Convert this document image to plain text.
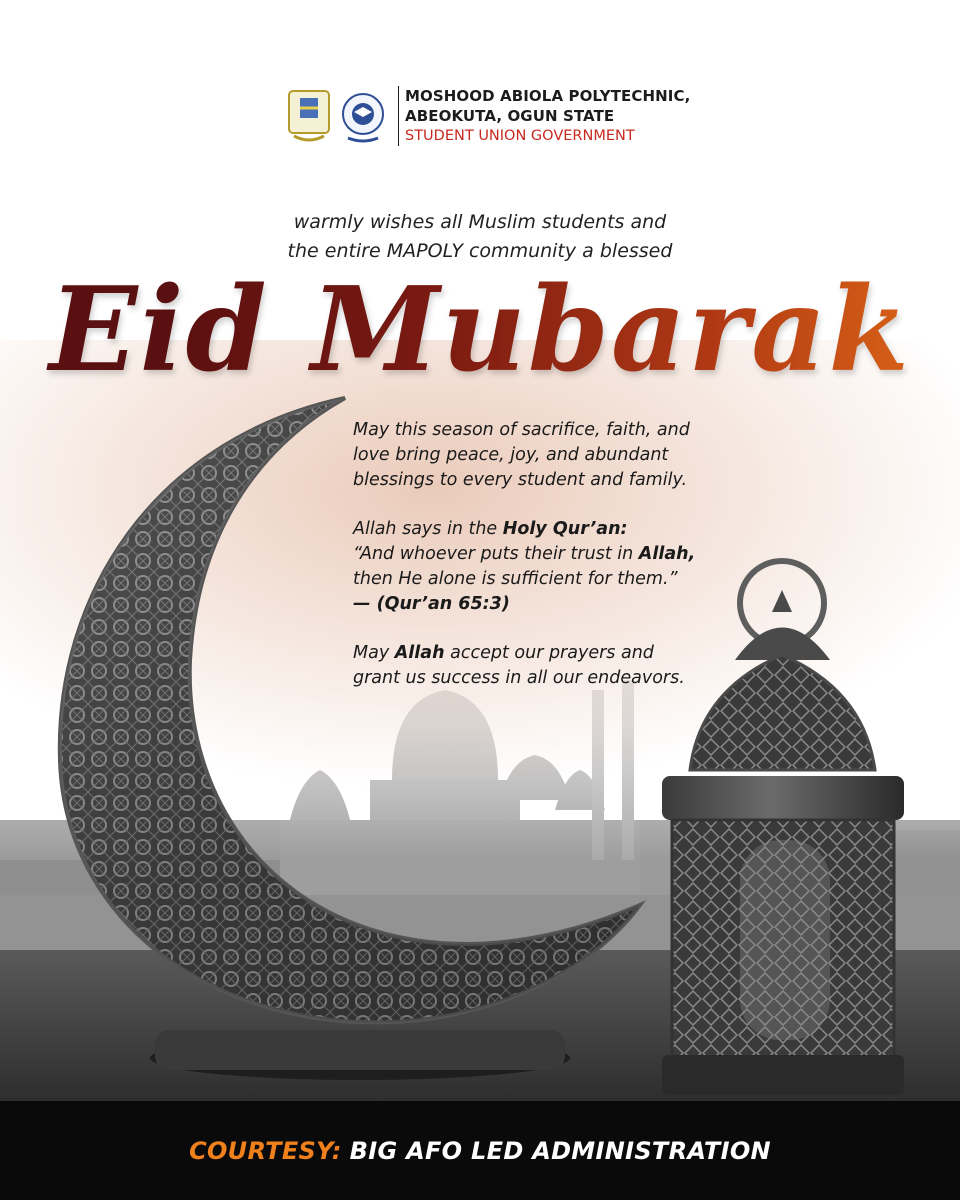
MOSHOOD ABIOLA POLYTECHNIC,
ABEOKUTA, OGUN STATE
STUDENT UNION GOVERNMENT
warmly wishes all Muslim students and
the entire MAPOLY community a blessed
Eid Mubarak

May this season of sacrifice, faith, and
love bring peace, joy, and abundant
blessings to every student and family.

Allah says in the Holy Qur’an:
“And whoever puts their trust in Allah,
then He alone is sufficient for them.”
— (Qur’an 65:3)

May Allah accept our prayers and
grant us success in all our endeavors.

COURTESY: BIG AFO LED ADMINISTRATION
